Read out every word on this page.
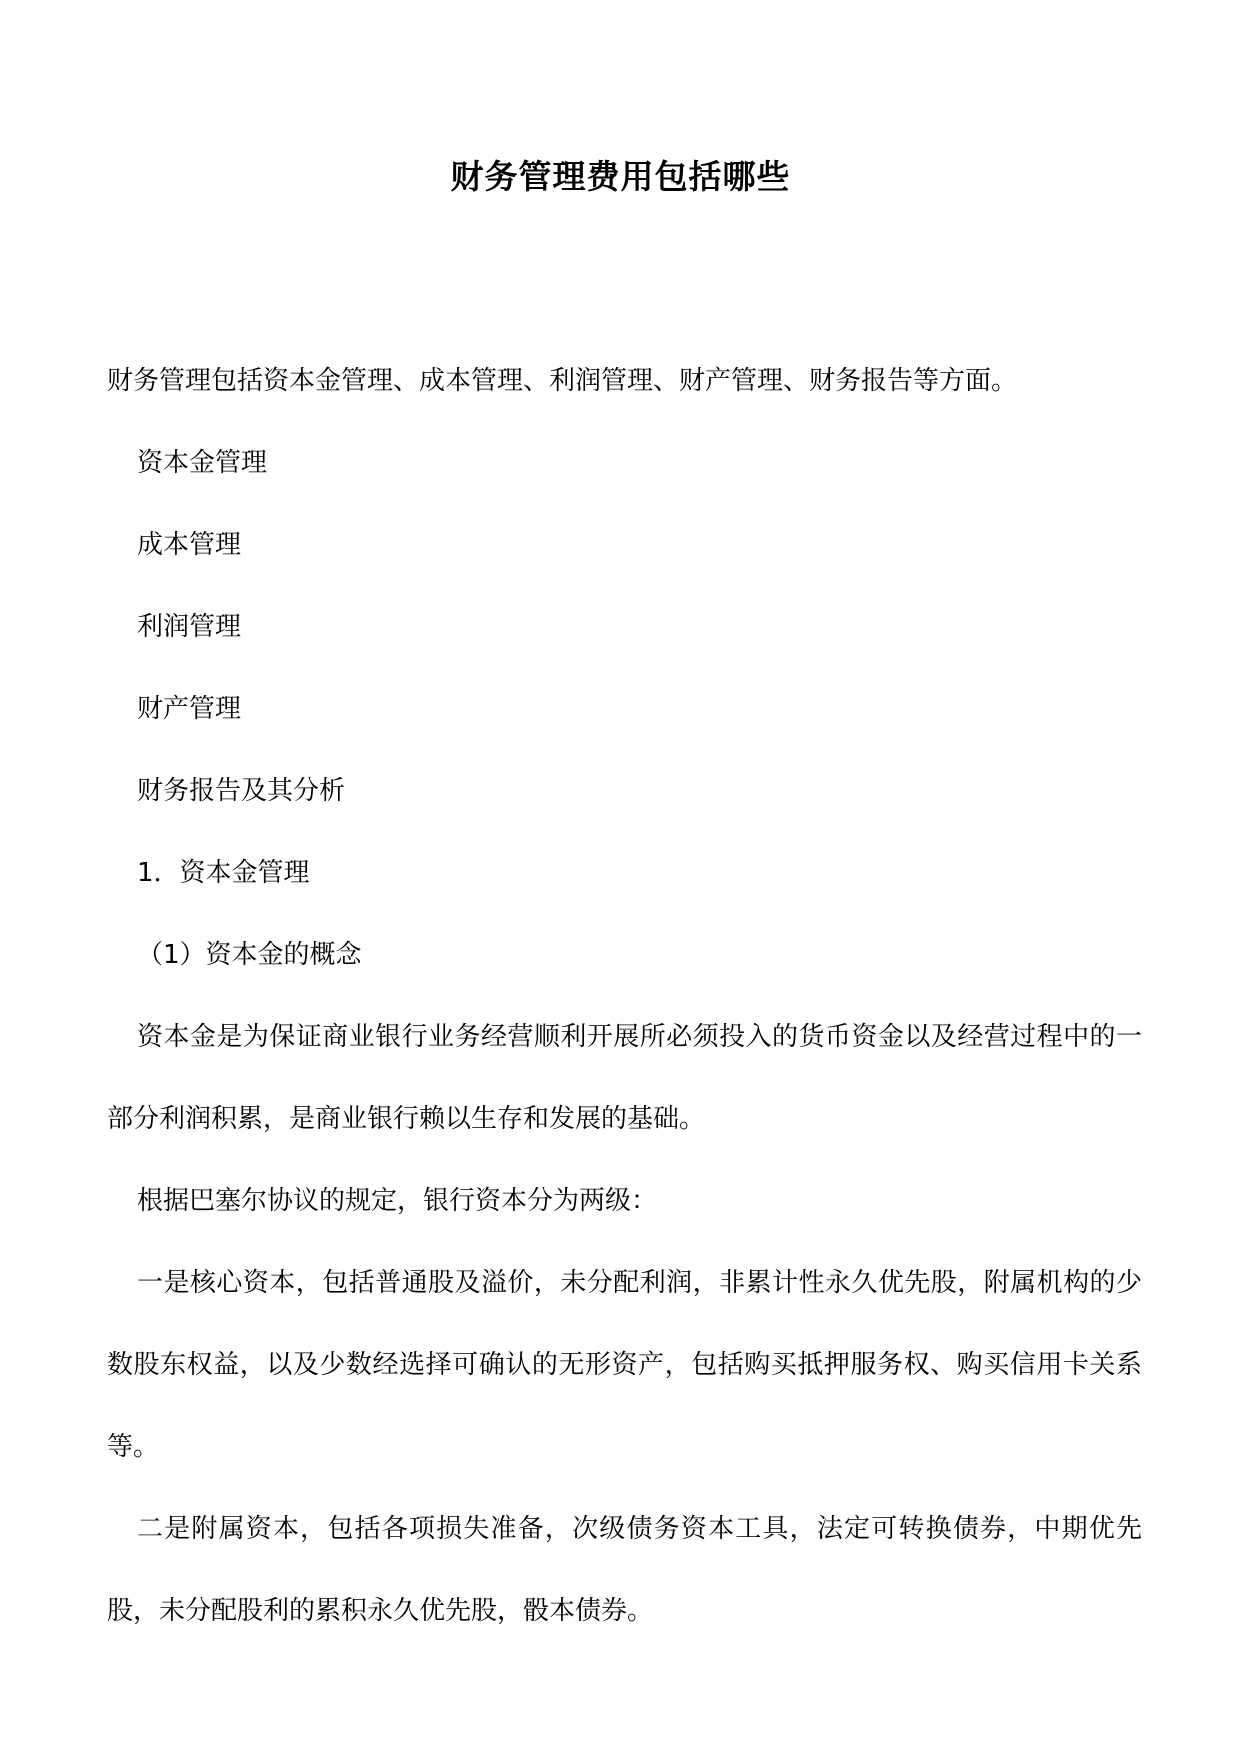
财务管理费用包括哪些

财务管理包括资本金管理、成本管理、利润管理、财产管理、财务报告等方面。

资本金管理

成本管理

利润管理

财产管理

财务报告及其分析

1．资本金管理

（1）资本金的概念

资本金是为保证商业银行业务经营顺利开展所必须投入的货币资金以及经营过程中的一部分利润积累，是商业银行赖以生存和发展的基础。

根据巴塞尔协议的规定，银行资本分为两级：

一是核心资本，包括普通股及溢价，未分配利润，非累计性永久优先股，附属机构的少数股东权益，以及少数经选择可确认的无形资产，包括购买抵押服务权、购买信用卡关系等。

二是附属资本，包括各项损失准备，次级债务资本工具，法定可转换债券，中期优先股，未分配股利的累积永久优先股，骰本债券。
